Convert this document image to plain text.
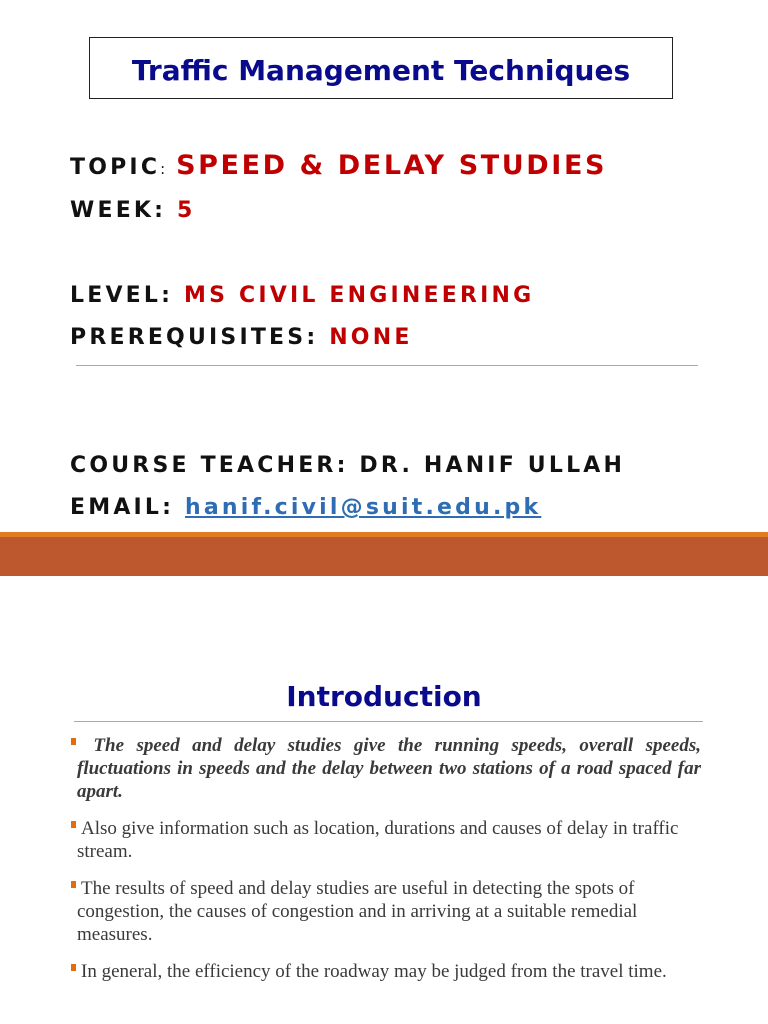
Traffic Management Techniques
TOPIC: SPEED & DELAY STUDIES
WEEK: 5
LEVEL: MS CIVIL ENGINEERING
PREREQUISITES: NONE
COURSE TEACHER: DR. HANIF ULLAH
EMAIL: hanif.civil@suit.edu.pk
Introduction
The speed and delay studies give the running speeds, overall speeds, fluctuations in speeds and the delay between two stations of a road spaced far apart.
Also give information such as location, durations and causes of delay in traffic stream.
The results of speed and delay studies are useful in detecting the spots of congestion, the causes of congestion and in arriving at a suitable remedial measures.
In general, the efficiency of the roadway may be judged from the travel time.
